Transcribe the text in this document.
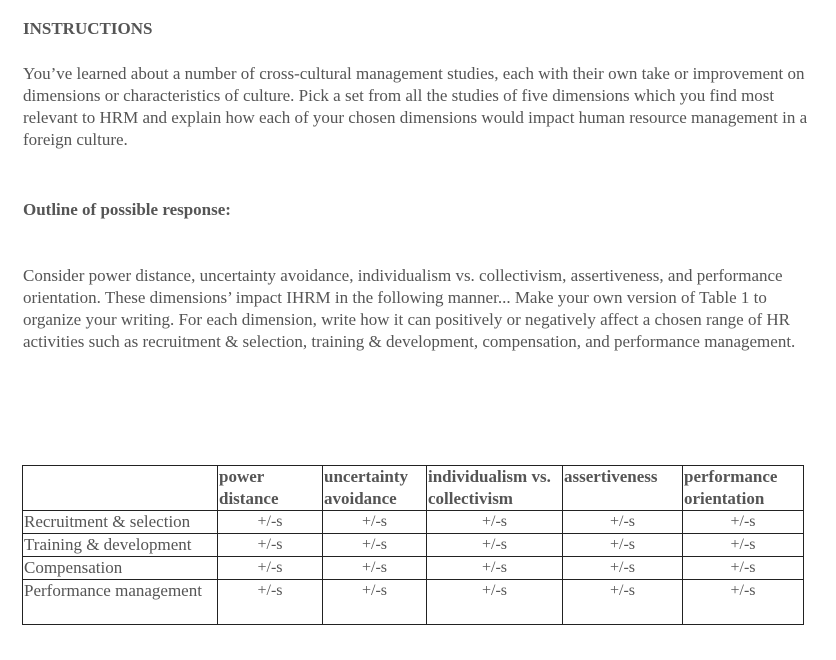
INSTRUCTIONS

You’ve learned about a number of cross-cultural management studies, each with their own take or improvement on dimensions or characteristics of culture. Pick a set from all the studies of five dimensions which you find most relevant to HRM and explain how each of your chosen dimensions would impact human resource management in a foreign culture.

Outline of possible response:

Consider power distance, uncertainty avoidance, individualism vs. collectivism, assertiveness, and performance orientation. These dimensions’ impact IHRM in the following manner... Make your own version of Table 1 to organize your writing. For each dimension, write how it can positively or negatively affect a chosen range of HR activities such as recruitment & selection, training & development, compensation, and performance management.

	power distance	uncertainty avoidance	individualism vs. collectivism	assertiveness	performance orientation
Recruitment & selection	+/-s	+/-s	+/-s	+/-s	+/-s
Training & development	+/-s	+/-s	+/-s	+/-s	+/-s
Compensation	+/-s	+/-s	+/-s	+/-s	+/-s
Performance management	+/-s	+/-s	+/-s	+/-s	+/-s
